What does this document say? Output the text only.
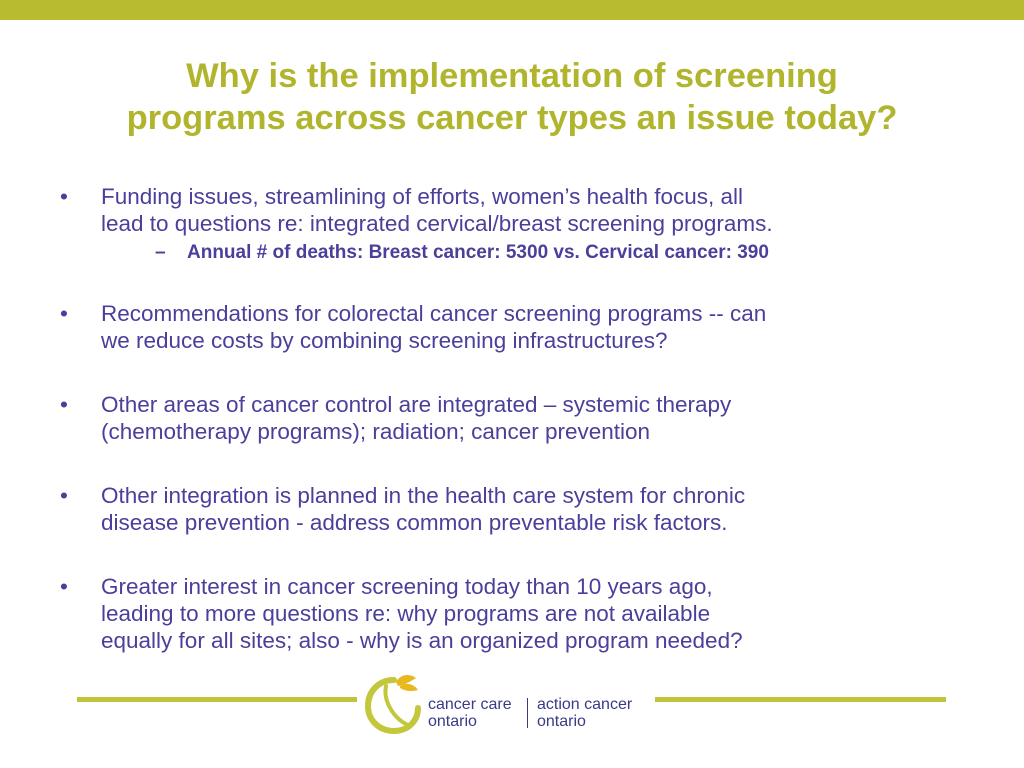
Why is the implementation of screening
programs across cancer types an issue today?
•	Funding issues, streamlining of efforts, women’s health focus, all
lead to questions re: integrated cervical/breast screening programs.
– Annual # of deaths: Breast cancer: 5300 vs. Cervical cancer: 390
•	Recommendations for colorectal cancer screening programs -- can
we reduce costs by combining screening infrastructures?
•	Other areas of cancer control are integrated – systemic therapy
(chemotherapy programs); radiation; cancer prevention
•	Other integration is planned in the health care system for chronic
disease prevention - address common preventable risk factors.
•	Greater interest in cancer screening today than 10 years ago,
leading to more questions re: why programs are not available
equally for all sites; also - why is an organized program needed?
cancer care
ontario
action cancer
ontario
